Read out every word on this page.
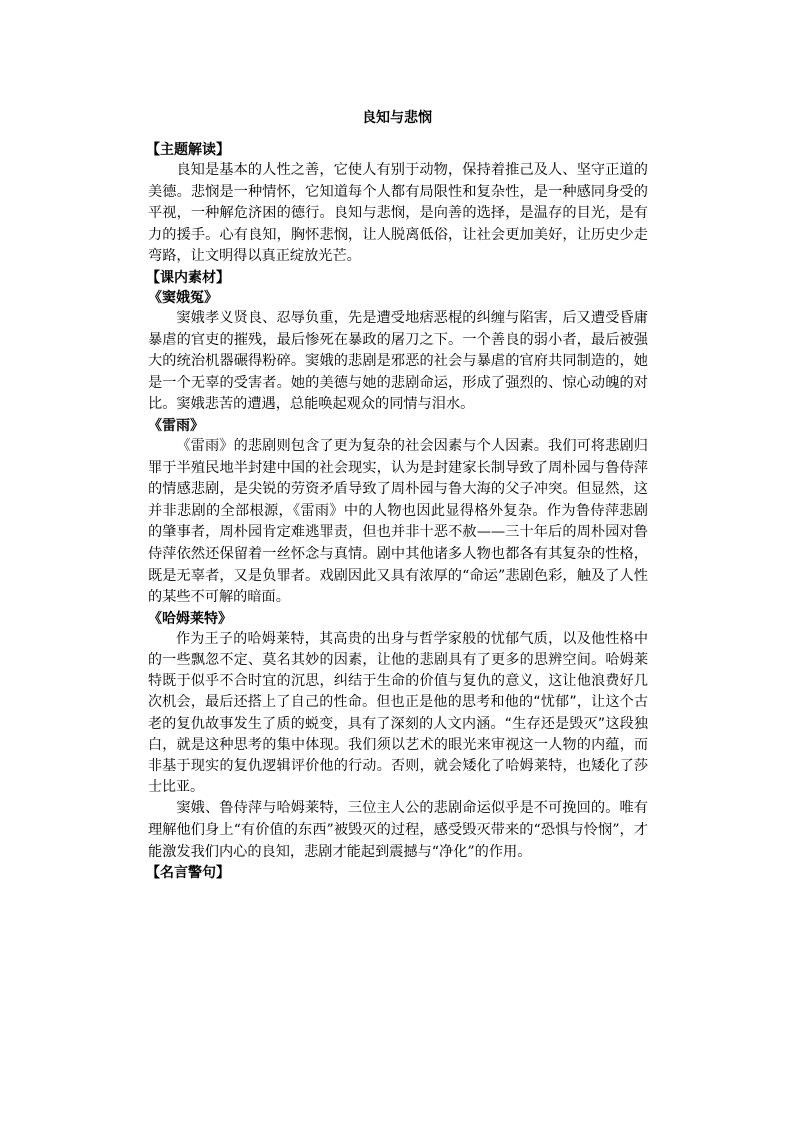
良知与悲悯
【主题解读】

良知是基本的人性之善，它使人有别于动物，保持着推己及人、坚守正道的美德。悲悯是一种情怀，它知道每个人都有局限性和复杂性，是一种感同身受的平视，一种解危济困的德行。良知与悲悯，是向善的选择，是温存的目光，是有力的援手。心有良知，胸怀悲悯，让人脱离低俗，让社会更加美好，让历史少走弯路，让文明得以真正绽放光芒。

【课内素材】
《窦娥冤》

窦娥孝义贤良、忍辱负重，先是遭受地痞恶棍的纠缠与陷害，后又遭受昏庸暴虐的官吏的摧残，最后惨死在暴政的屠刀之下。一个善良的弱小者，最后被强大的统治机器碾得粉碎。窦娥的悲剧是邪恶的社会与暴虐的官府共同制造的，她是一个无辜的受害者。她的美德与她的悲剧命运，形成了强烈的、惊心动魄的对比。窦娥悲苦的遭遇，总能唤起观众的同情与泪水。

《雷雨》

《雷雨》的悲剧则包含了更为复杂的社会因素与个人因素。我们可将悲剧归罪于半殖民地半封建中国的社会现实，认为是封建家长制导致了周朴园与鲁侍萍的情感悲剧，是尖锐的劳资矛盾导致了周朴园与鲁大海的父子冲突。但显然，这并非悲剧的全部根源，《雷雨》中的人物也因此显得格外复杂。作为鲁侍萍悲剧的肇事者，周朴园肯定难逃罪责，但也并非十恶不赦——三十年后的周朴园对鲁侍萍依然还保留着一丝怀念与真情。剧中其他诸多人物也都各有其复杂的性格，既是无辜者，又是负罪者。戏剧因此又具有浓厚的“命运”悲剧色彩，触及了人性的某些不可解的暗面。

《哈姆莱特》

作为王子的哈姆莱特，其高贵的出身与哲学家般的忧郁气质，以及他性格中的一些飘忽不定、莫名其妙的因素，让他的悲剧具有了更多的思辨空间。哈姆莱特既于似乎不合时宜的沉思，纠结于生命的价值与复仇的意义，这让他浪费好几次机会，最后还搭上了自己的性命。但也正是他的思考和他的“忧郁”，让这个古老的复仇故事发生了质的蜕变，具有了深刻的人文内涵。“生存还是毁灭”这段独白，就是这种思考的集中体现。我们须以艺术的眼光来审视这一人物的内蕴，而非基于现实的复仇逻辑评价他的行动。否则，就会矮化了哈姆莱特，也矮化了莎士比亚。

窦娥、鲁侍萍与哈姆莱特，三位主人公的悲剧命运似乎是不可挽回的。唯有理解他们身上“有价值的东西”被毁灭的过程，感受毁灭带来的“恐惧与怜悯”，才能激发我们内心的良知，悲剧才能起到震撼与“净化”的作用。

【名言警句】
